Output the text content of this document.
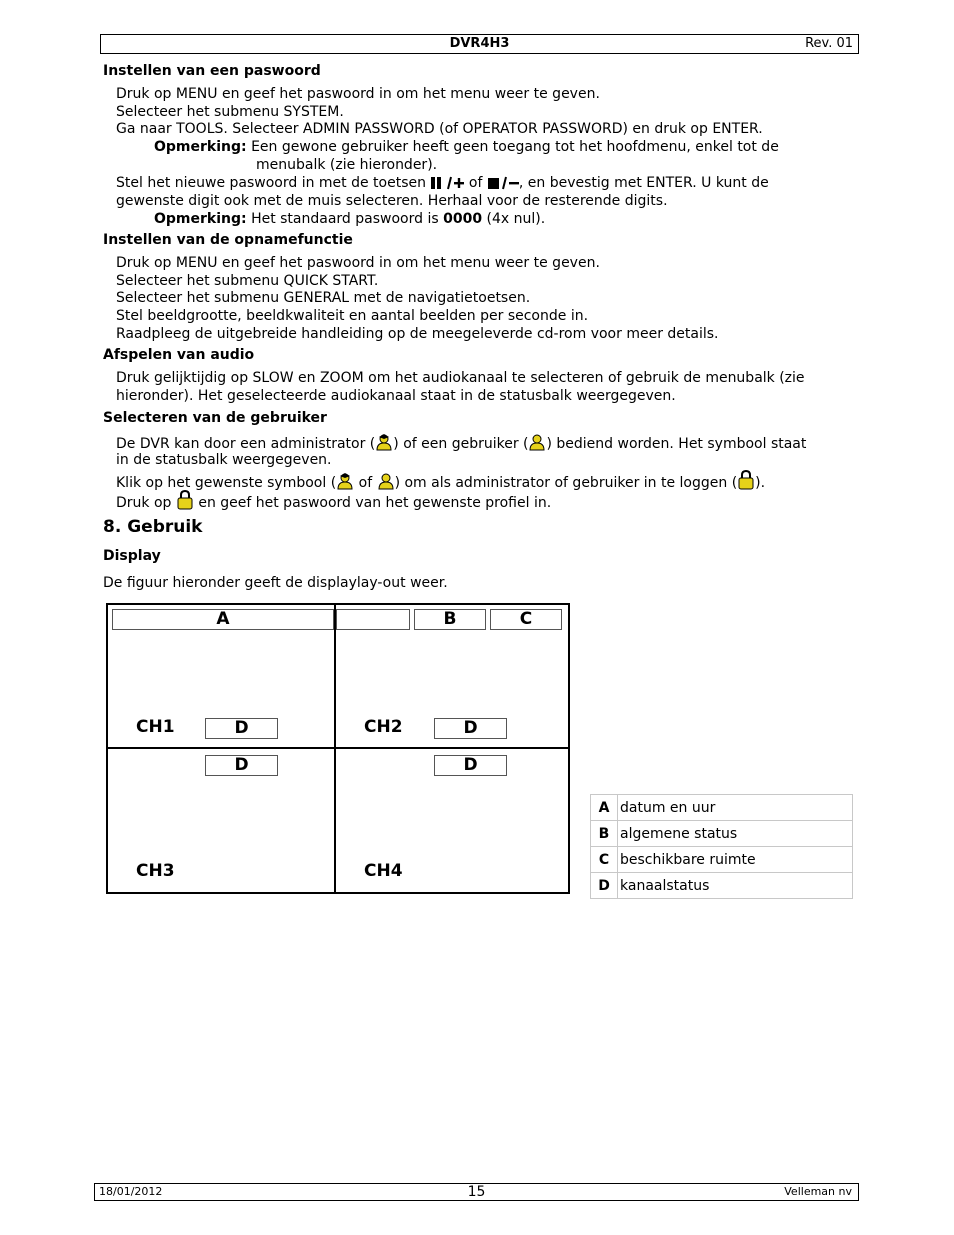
DVR4H3	Rev. 01
Instellen van een paswoord
Druk op MENU en geef het paswoord in om het menu weer te geven.
Selecteer het submenu SYSTEM.
Ga naar TOOLS. Selecteer ADMIN PASSWORD (of OPERATOR PASSWORD) en druk op ENTER.
Opmerking: Een gewone gebruiker heeft geen toegang tot het hoofdmenu, enkel tot de
menubalk (zie hieronder).
Stel het nieuwe paswoord in met de toetsen	of	, en bevestig met ENTER. U kunt de
gewenste digit ook met de muis selecteren. Herhaal voor de resterende digits.
Opmerking: Het standaard paswoord is 0000 (4x nul).
Instellen van de opnamefunctie
Druk op MENU en geef het paswoord in om het menu weer te geven.
Selecteer het submenu QUICK START.
Selecteer het submenu GENERAL met de navigatietoetsen.
Stel beeldgrootte, beeldkwaliteit en aantal beelden per seconde in.
Raadpleeg de uitgebreide handleiding op de meegeleverde cd-rom voor meer details.
Afspelen van audio
Druk gelijktijdig op SLOW en ZOOM om het audiokanaal te selecteren of gebruik de menubalk (zie
hieronder). Het geselecteerde audiokanaal staat in de statusbalk weergegeven.
Selecteren van de gebruiker
De DVR kan door een administrator ( ) of een gebruiker ( ) bediend worden. Het symbool staat
in de statusbalk weergegeven.
Klik op het gewenste symbool ( of ) om als administrator of gebruiker in te loggen ( ).
Druk op en geef het paswoord van het gewenste profiel in.
8. Gebruik
Display
De figuur hieronder geeft de displaylay-out weer.
A	B	C
CH1	D	CH2	D
D	D
CH3	CH4
A	datum en uur
B	algemene status
C	beschikbare ruimte
D	kanaalstatus
18/01/2012	15	Velleman nv
